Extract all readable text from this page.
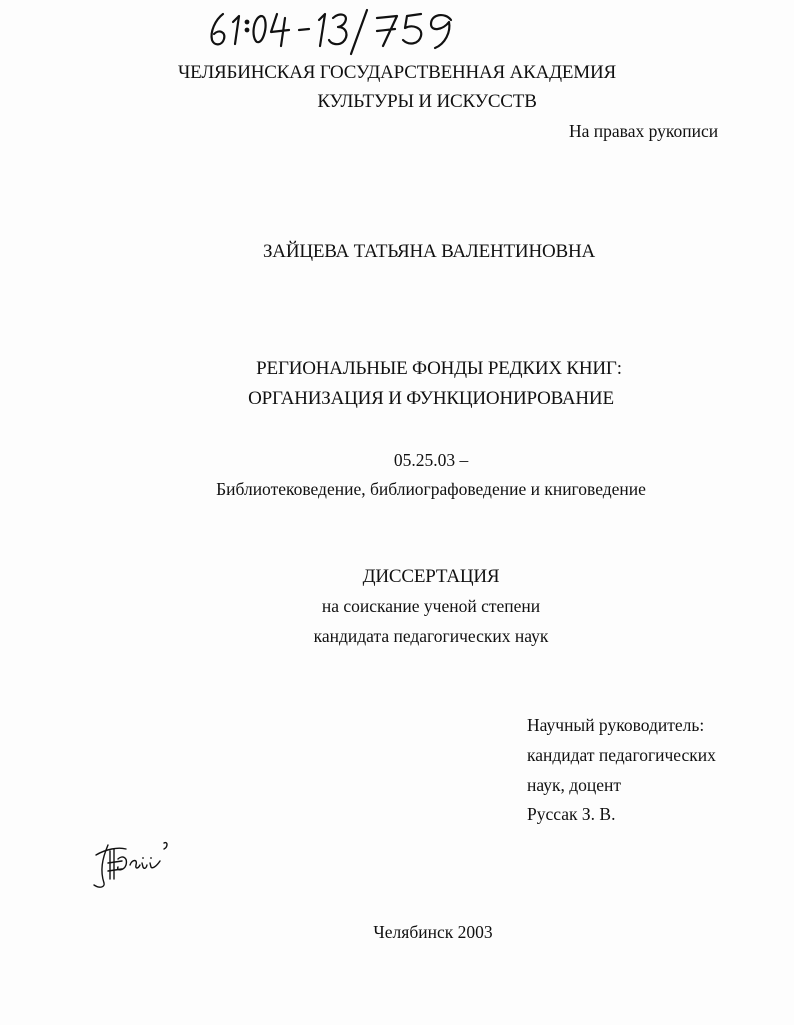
ЧЕЛЯБИНСКАЯ ГОСУДАРСТВЕННАЯ АКАДЕМИЯ
КУЛЬТУРЫ И ИСКУССТВ
На правах рукописи
ЗАЙЦЕВА ТАТЬЯНА ВАЛЕНТИНОВНА
РЕГИОНАЛЬНЫЕ ФОНДЫ РЕДКИХ КНИГ:
ОРГАНИЗАЦИЯ И ФУНКЦИОНИРОВАНИЕ
05.25.03 –
Библиотековедение, библиографоведение и книговедение
ДИССЕРТАЦИЯ
на соискание ученой степени
кандидата педагогических наук
Научный руководитель:
кандидат педагогических
наук, доцент
Руссак З. В.
Челябинск 2003
